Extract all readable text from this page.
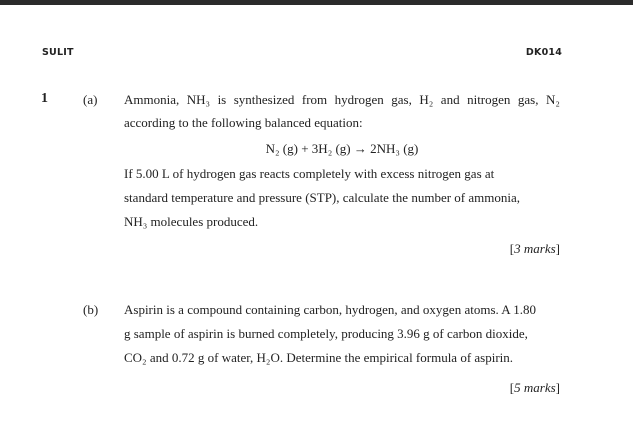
SULIT	DK014
1	(a) Ammonia, NH₃ is synthesized from hydrogen gas, H₂ and nitrogen gas, N₂
according to the following balanced equation:
N₂ (g) + 3H₂ (g) → 2NH₃ (g)
If 5.00 L of hydrogen gas reacts completely with excess nitrogen gas at
standard temperature and pressure (STP), calculate the number of ammonia,
NH₃ molecules produced.
[3 marks]
(b) Aspirin is a compound containing carbon, hydrogen, and oxygen atoms. A 1.80
g sample of aspirin is burned completely, producing 3.96 g of carbon dioxide,
CO₂ and 0.72 g of water, H₂O. Determine the empirical formula of aspirin.
[5 marks]
